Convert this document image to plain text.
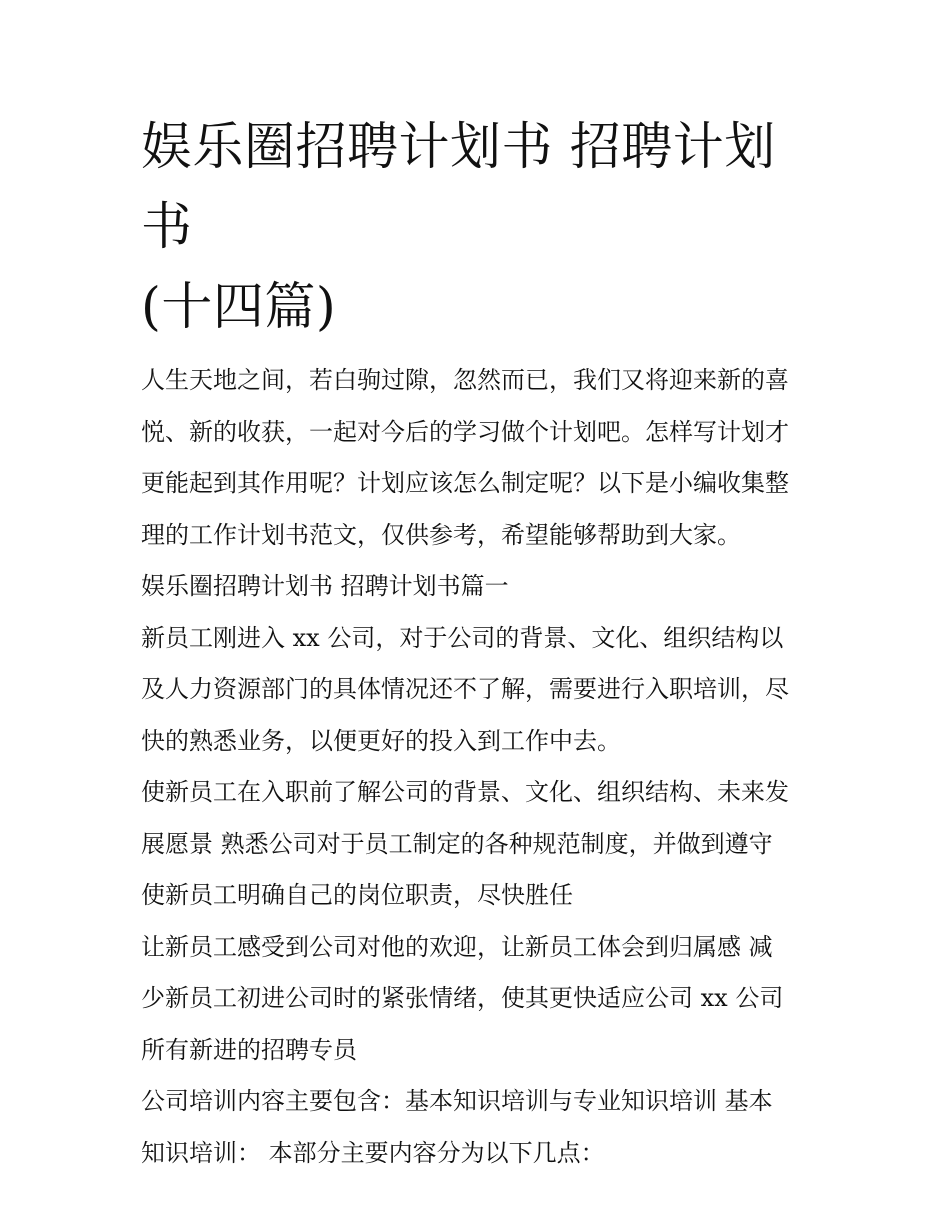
娱乐圈招聘计划书 招聘计划书
(十四篇)

人生天地之间，若白驹过隙，忽然而已，我们又将迎来新的喜
悦、新的收获，一起对今后的学习做个计划吧。怎样写计划才
更能起到其作用呢？计划应该怎么制定呢？以下是小编收集整
理的工作计划书范文，仅供参考，希望能够帮助到大家。

娱乐圈招聘计划书 招聘计划书篇一

新员工刚进入 xx 公司，对于公司的背景、文化、组织结构以
及人力资源部门的具体情况还不了解，需要进行入职培训，尽
快的熟悉业务，以便更好的投入到工作中去。

使新员工在入职前了解公司的背景、文化、组织结构、未来发
展愿景 熟悉公司对于员工制定的各种规范制度，并做到遵守
使新员工明确自己的岗位职责，尽快胜任

让新员工感受到公司对他的欢迎，让新员工体会到归属感 减
少新员工初进公司时的紧张情绪，使其更快适应公司 xx 公司
所有新进的招聘专员

公司培训内容主要包含：基本知识培训与专业知识培训 基本
知识培训： 本部分主要内容分为以下几点：
